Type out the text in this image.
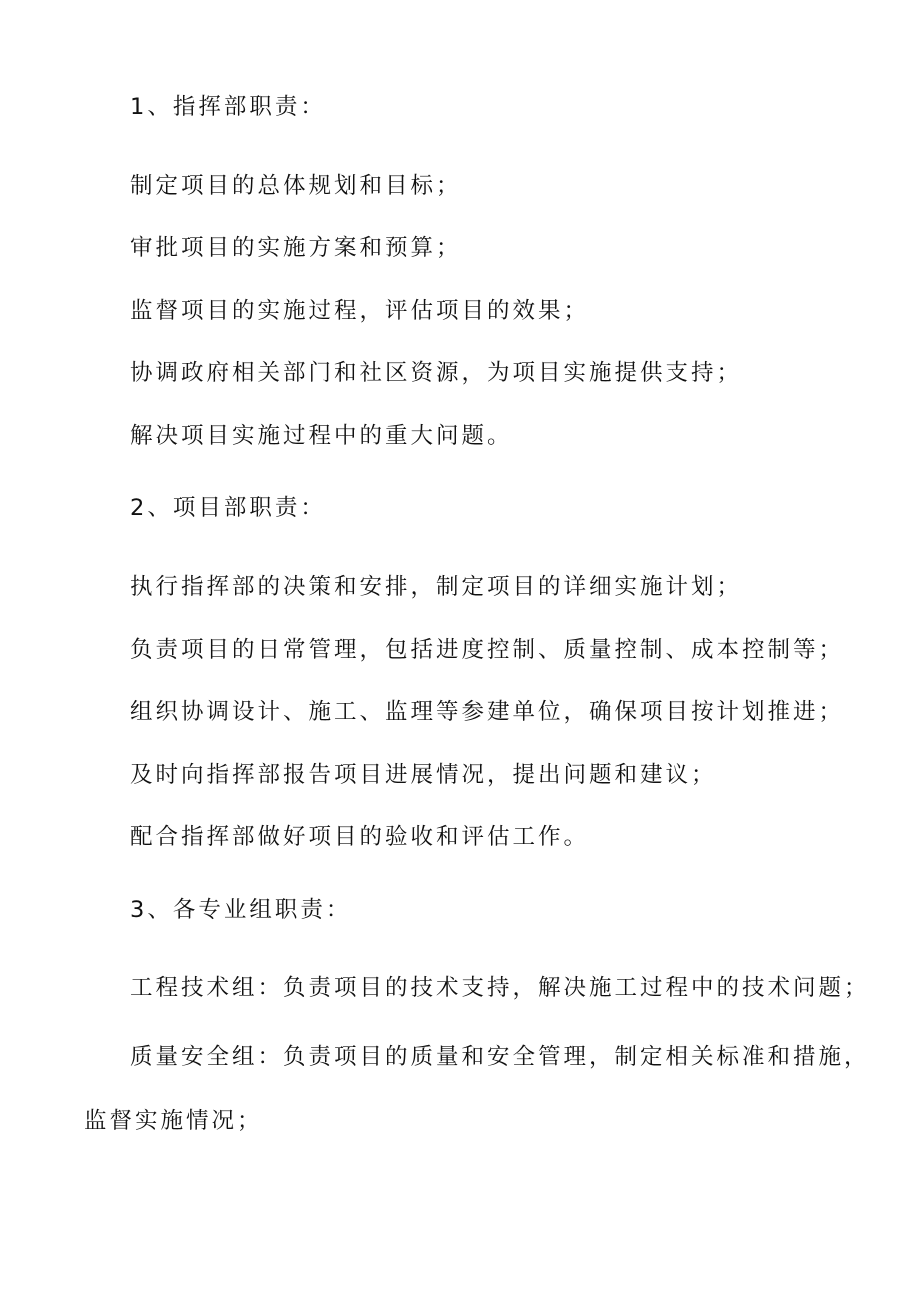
1、指挥部职责：

制定项目的总体规划和目标；

审批项目的实施方案和预算；

监督项目的实施过程，评估项目的效果；

协调政府相关部门和社区资源，为项目实施提供支持；

解决项目实施过程中的重大问题。

2、项目部职责：

执行指挥部的决策和安排，制定项目的详细实施计划；

负责项目的日常管理，包括进度控制、质量控制、成本控制等；

组织协调设计、施工、监理等参建单位，确保项目按计划推进；

及时向指挥部报告项目进展情况，提出问题和建议；

配合指挥部做好项目的验收和评估工作。

3、各专业组职责：

工程技术组：负责项目的技术支持，解决施工过程中的技术问题；

质量安全组：负责项目的质量和安全管理，制定相关标准和措施，

监督实施情况；
